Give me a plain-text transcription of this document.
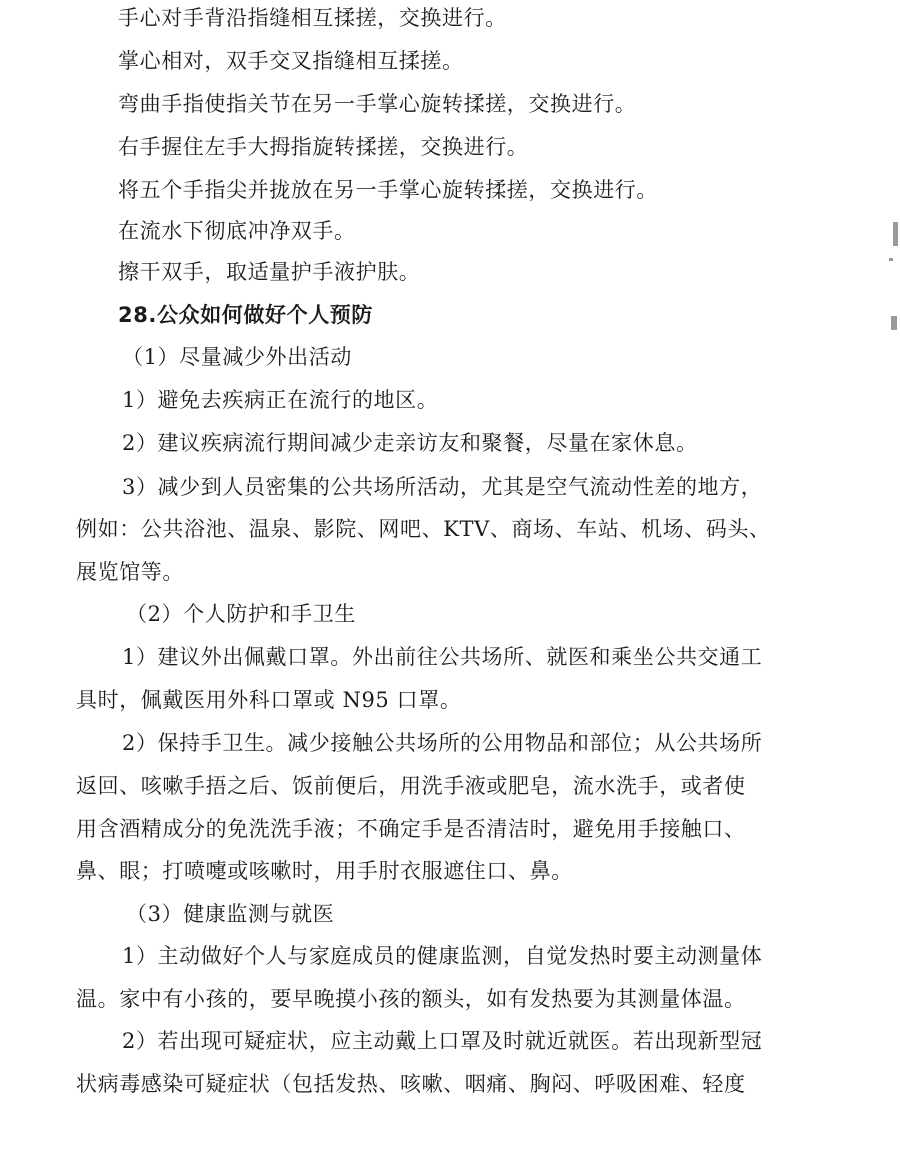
手心对手背沿指缝相互揉搓，交换进行。
掌心相对，双手交叉指缝相互揉搓。
弯曲手指使指关节在另一手掌心旋转揉搓，交换进行。
右手握住左手大拇指旋转揉搓，交换进行。
将五个手指尖并拢放在另一手掌心旋转揉搓，交换进行。
在流水下彻底冲净双手。
擦干双手，取适量护手液护肤。
28.公众如何做好个人预防
（1）尽量减少外出活动
1）避免去疾病正在流行的地区。
2）建议疾病流行期间减少走亲访友和聚餐，尽量在家休息。
3）减少到人员密集的公共场所活动，尤其是空气流动性差的地方，
例如：公共浴池、温泉、影院、网吧、KTV、商场、车站、机场、码头、
展览馆等。
（2）个人防护和手卫生
1）建议外出佩戴口罩。外出前往公共场所、就医和乘坐公共交通工
具时，佩戴医用外科口罩或 N95 口罩。
2）保持手卫生。减少接触公共场所的公用物品和部位；从公共场所
返回、咳嗽手捂之后、饭前便后，用洗手液或肥皂，流水洗手，或者使
用含酒精成分的免洗洗手液；不确定手是否清洁时，避免用手接触口、
鼻、眼；打喷嚏或咳嗽时，用手肘衣服遮住口、鼻。
（3）健康监测与就医
1）主动做好个人与家庭成员的健康监测，自觉发热时要主动测量体
温。家中有小孩的，要早晚摸小孩的额头，如有发热要为其测量体温。
2）若出现可疑症状，应主动戴上口罩及时就近就医。若出现新型冠
状病毒感染可疑症状（包括发热、咳嗽、咽痛、胸闷、呼吸困难、轻度
